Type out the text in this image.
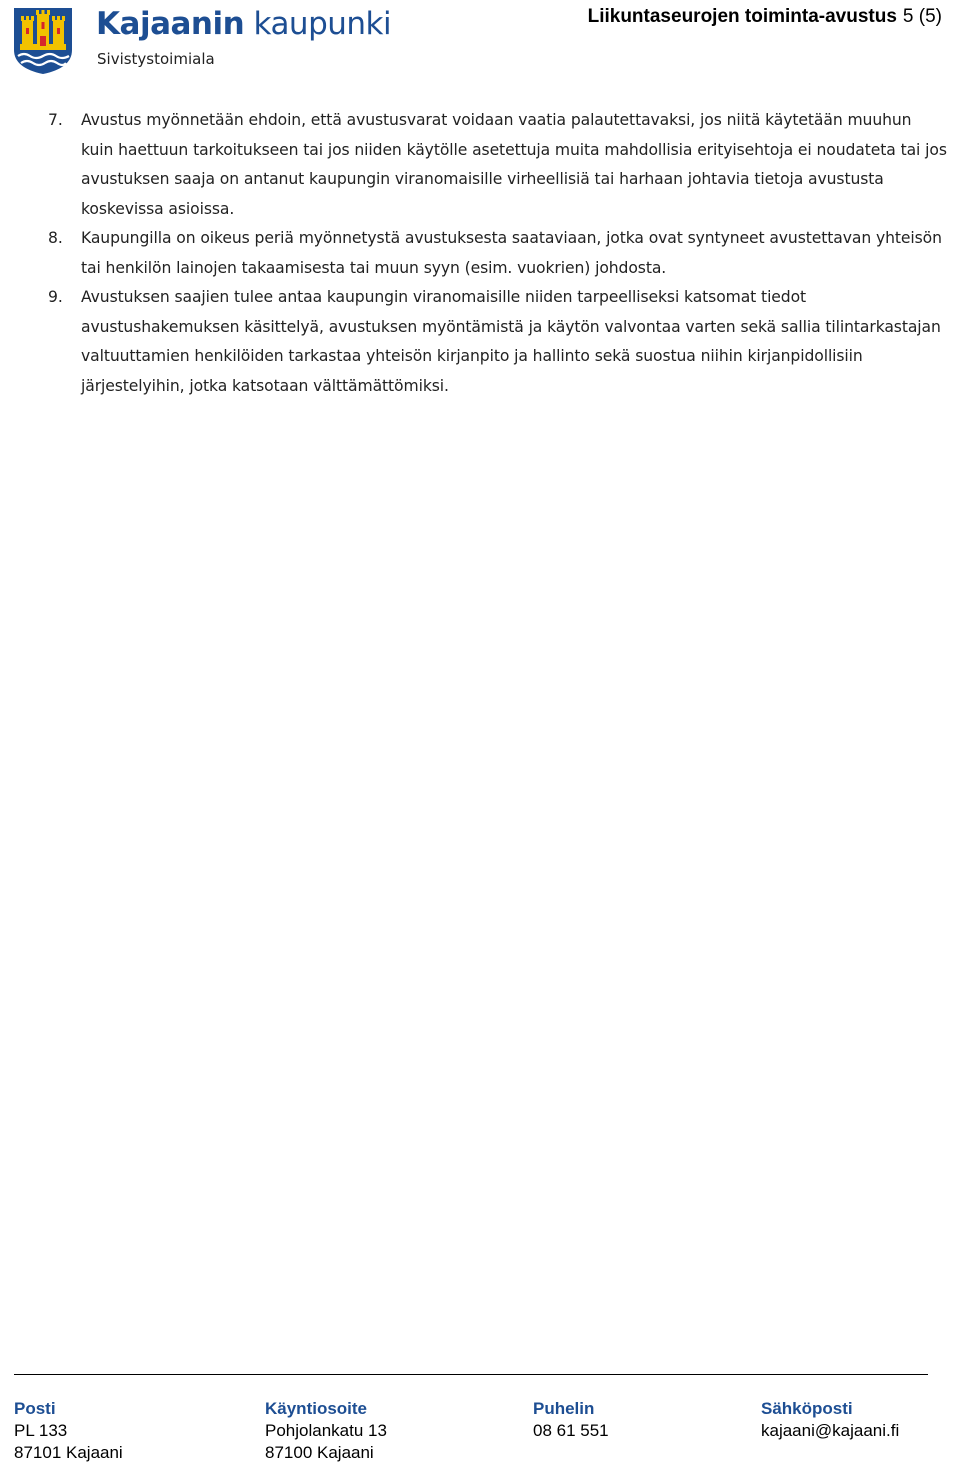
Kajaanin kaupunki
Sivistystoimiala
Liikuntaseurojen toiminta-avustus 5 (5)
7. Avustus myönnetään ehdoin, että avustusvarat voidaan vaatia palautettavaksi, jos niitä käytetään muuhun kuin haettuun tarkoitukseen tai jos niiden käytölle asetettuja muita mahdollisia erityisehtoja ei noudateta tai jos avustuksen saaja on antanut kaupungin viranomaisille virheellisiä tai harhaan johtavia tietoja avustusta koskevissa asioissa.
8. Kaupungilla on oikeus periä myönnetystä avustuksesta saataviaan, jotka ovat syntyneet avustettavan yhteisön tai henkilön lainojen takaamisesta tai muun syyn (esim. vuokrien) johdosta.
9. Avustuksen saajien tulee antaa kaupungin viranomaisille niiden tarpeelliseksi katsomat tiedot avustushakemuksen käsittelyä, avustuksen myöntämistä ja käytön valvontaa varten sekä sallia tilintarkastajan valtuuttamien henkilöiden tarkastaa yhteisön kirjanpito ja hallinto sekä suostua niihin kirjanpidollisiin järjestelyihin, jotka katsotaan välttämättömiksi.
Posti
PL 133
87101 Kajaani
Käyntiosoite
Pohjolankatu 13
87100 Kajaani
Puhelin
08 61 551
Sähköposti
kajaani@kajaani.fi
